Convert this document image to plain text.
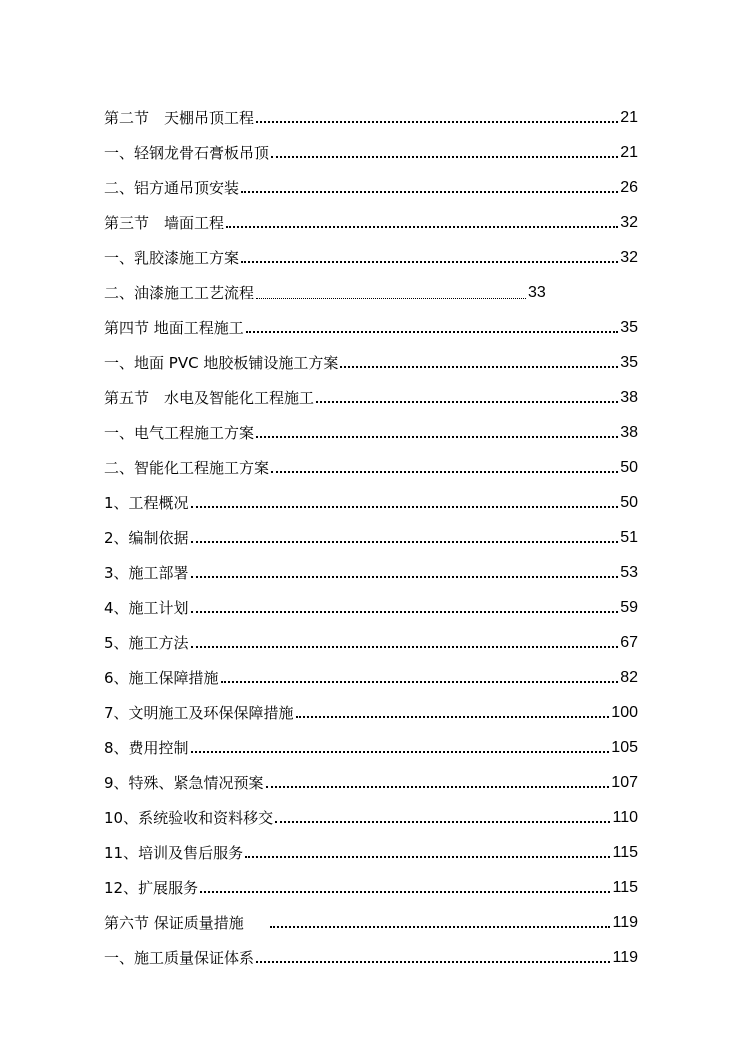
第二节　天棚吊顶工程	21
一、轻钢龙骨石膏板吊顶	21
二、铝方通吊顶安装	26
第三节　墙面工程	32
一、乳胶漆施工方案	32
二、油漆施工工艺流程	33
第四节 地面工程施工	35
一、地面 PVC 地胶板铺设施工方案	35
第五节　水电及智能化工程施工	38
一、电气工程施工方案	38
二、智能化工程施工方案	50
1、工程概况	50
2、编制依据	51
3、施工部署	53
4、施工计划	59
5、施工方法	67
6、施工保障措施	82
7、文明施工及环保保障措施	100
8、费用控制	105
9、特殊、紧急情况预案	107
10、系统验收和资料移交	110
11、培训及售后服务	115
12、扩展服务	115
第六节 保证质量措施	119
一、施工质量保证体系	119
